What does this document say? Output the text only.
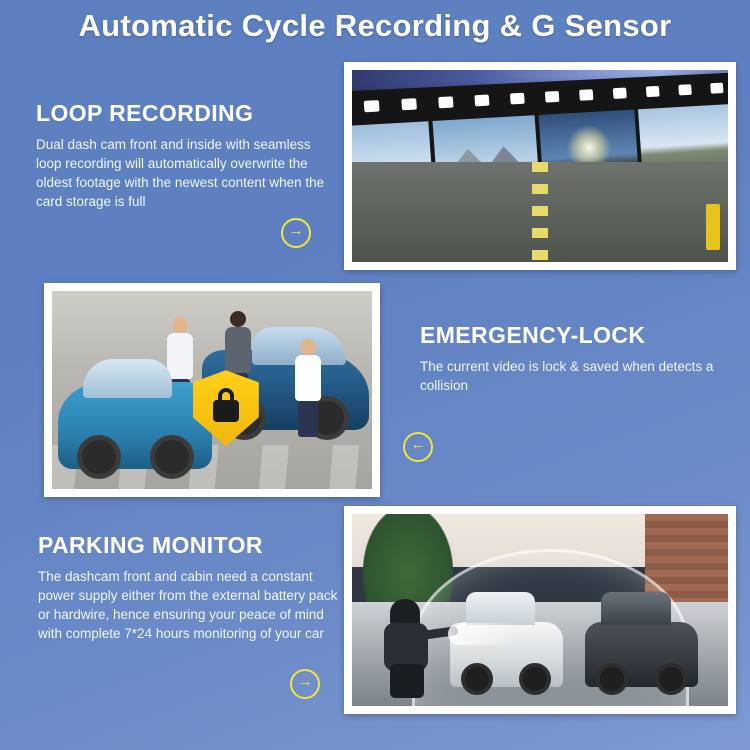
Automatic Cycle Recording & G Sensor
LOOP RECORDING
Dual dash cam front and inside with seamless loop recording will automatically overwrite the oldest footage with the newest content when the card storage is full
→
EMERGENCY-LOCK
The current video is lock & saved when detects a collision
←
PARKING MONITOR
The dashcam front and cabin need a constant power supply either from the external battery pack or hardwire, hence ensuring your peace of mind with complete 7*24 hours monitoring of your car
→
